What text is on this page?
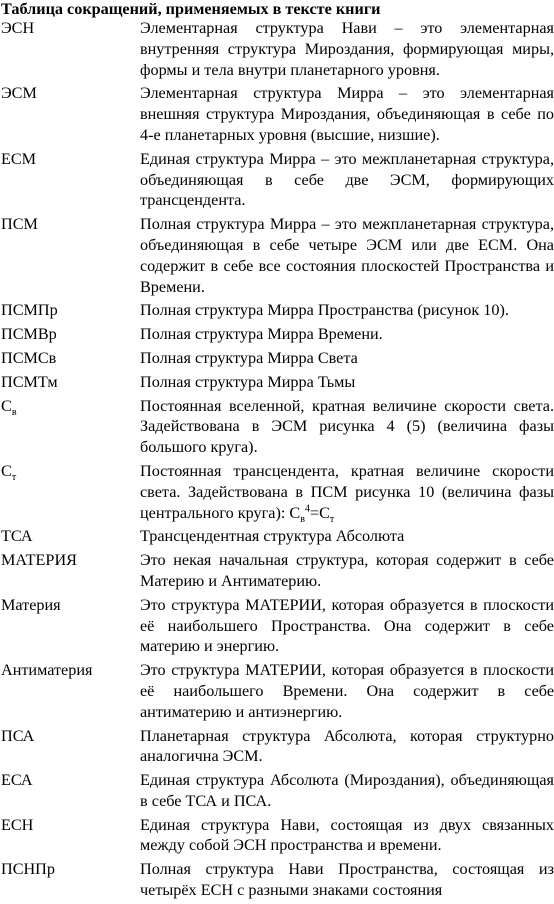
Таблица сокращений, применяемых в тексте книги
ЭСН	Элементарная структура Нави – это элементарная внутренняя структура Мироздания, формирующая миры, формы и тела внутри планетарного уровня.
ЭСМ	Элементарная структура Мирра – это элементарная внешняя структура Мироздания, объединяющая в себе по 4-е планетарных уровня (высшие, низшие).
ЕСМ	Единая структура Мирра – это межпланетарная структура, объединяющая в себе две ЭСМ, формирующих трансцендента.
ПСМ	Полная структура Мирра – это межпланетарная структура, объединяющая в себе четыре ЭСМ или две ЕСМ. Она содержит в себе все состояния плоскостей Пространства и Времени.
ПСМПр	Полная структура Мирра Пространства (рисунок 10).
ПСМВр	Полная структура Мирра Времени.
ПСМСв	Полная структура Мирра Света
ПСМТм	Полная структура Мирра Тьмы
$С_в$	Постоянная вселенной, кратная величине скорости света. Задействована в ЭСМ рисунка 4 (5) (величина фазы большого круга).
$С_т$	Постоянная трансцендента, кратная величине скорости света. Задействована в ПСМ рисунка 10 (величина фазы центрального круга): $С_в^4=С_т$
ТСА	Трансцендентная структура Абсолюта
МАТЕРИЯ	Это некая начальная структура, которая содержит в себе Материю и Антиматерию.
Материя	Это структура МАТЕРИИ, которая образуется в плоскости её наибольшего Пространства. Она содержит в себе материю и энергию.
Антиматерия	Это структура МАТЕРИИ, которая образуется в плоскости её наибольшего Времени. Она содержит в себе антиматерию и антиэнергию.
ПСА	Планетарная структура Абсолюта, которая структурно аналогична ЭСМ.
ЕСА	Единая структура Абсолюта (Мироздания), объединяющая в себе ТСА и ПСА.
ЕСН	Единая структура Нави, состоящая из двух связанных между собой ЭСН пространства и времени.
ПСНПр	Полная структура Нави Пространства, состоящая из четырёх ЕСН с разными знаками состояния
